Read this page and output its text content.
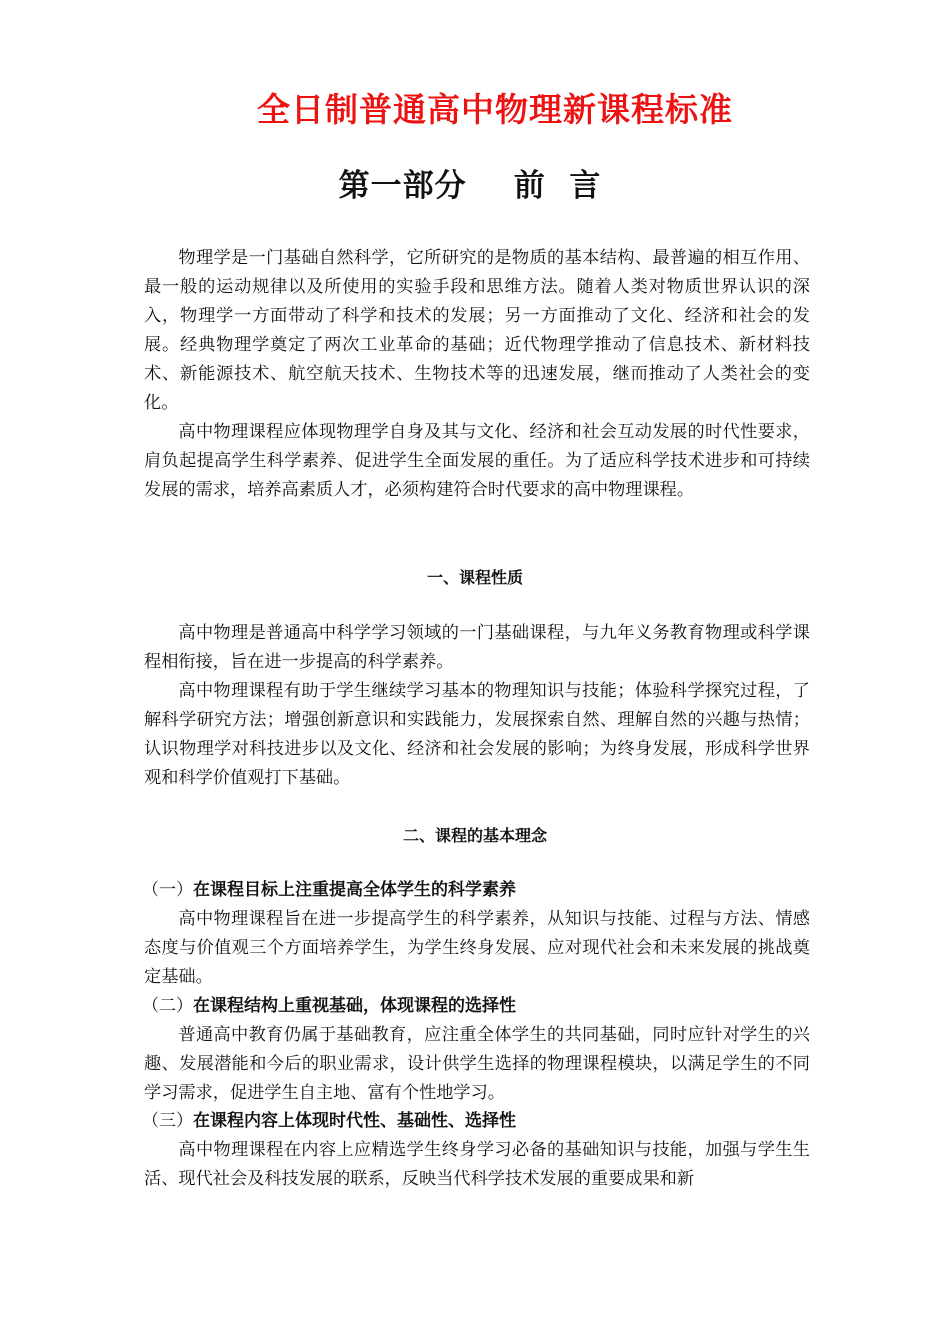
全日制普通高中物理新课程标准
第一部分    前  言

物理学是一门基础自然科学，它所研究的是物质的基本结构、最普遍的相互作用、最一般的运动规律以及所使用的实验手段和思维方法。随着人类对物质世界认识的深入，物理学一方面带动了科学和技术的发展；另一方面推动了文化、经济和社会的发展。经典物理学奠定了两次工业革命的基础；近代物理学推动了信息技术、新材料技术、新能源技术、航空航天技术、生物技术等的迅速发展，继而推动了人类社会的变化。

高中物理课程应体现物理学自身及其与文化、经济和社会互动发展的时代性要求，肩负起提高学生科学素养、促进学生全面发展的重任。为了适应科学技术进步和可持续发展的需求，培养高素质人才，必须构建符合时代要求的高中物理课程。

一、课程性质

高中物理是普通高中科学学习领域的一门基础课程，与九年义务教育物理或科学课程相衔接，旨在进一步提高的科学素养。

高中物理课程有助于学生继续学习基本的物理知识与技能；体验科学探究过程，了解科学研究方法；增强创新意识和实践能力，发展探索自然、理解自然的兴趣与热情；认识物理学对科技进步以及文化、经济和社会发展的影响；为终身发展，形成科学世界观和科学价值观打下基础。

二、课程的基本理念

（一）在课程目标上注重提高全体学生的科学素养

高中物理课程旨在进一步提高学生的科学素养，从知识与技能、过程与方法、情感态度与价值观三个方面培养学生，为学生终身发展、应对现代社会和未来发展的挑战奠定基础。

（二）在课程结构上重视基础，体现课程的选择性

普通高中教育仍属于基础教育，应注重全体学生的共同基础，同时应针对学生的兴趣、发展潜能和今后的职业需求，设计供学生选择的物理课程模块，以满足学生的不同学习需求，促进学生自主地、富有个性地学习。

（三）在课程内容上体现时代性、基础性、选择性

高中物理课程在内容上应精选学生终身学习必备的基础知识与技能，加强与学生生活、现代社会及科技发展的联系，反映当代科学技术发展的重要成果和新
